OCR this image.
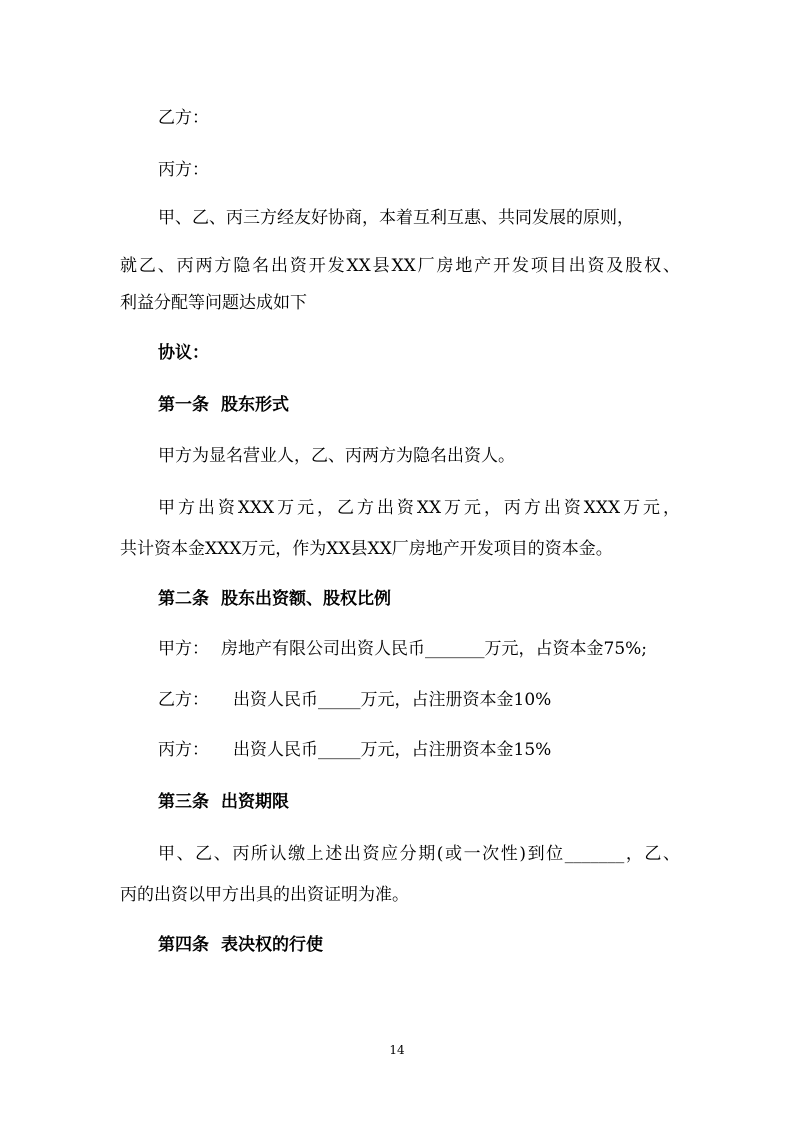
乙方：
丙方：
甲、乙、丙三方经友好协商，本着互利互惠、共同发展的原则，
就乙、丙两方隐名出资开发XX县XX厂房地产开发项目出资及股权、
利益分配等问题达成如下
协议：
第一条 股东形式
甲方为显名营业人，乙、丙两方为隐名出资人。
甲方出资XXX万元，乙方出资XX万元，丙方出资XXX万元，
共计资本金XXX万元，作为XX县XX厂房地产开发项目的资本金。
第二条 股东出资额、股权比例
甲方： 房地产有限公司出资人民币_______万元，占资本金75%;
乙方： 出资人民币_____万元，占注册资本金10%
丙方： 出资人民币_____万元，占注册资本金15%
第三条 出资期限
甲、乙、丙所认缴上述出资应分期(或一次性)到位_______，乙、
丙的出资以甲方出具的出资证明为准。
第四条 表决权的行使
14
